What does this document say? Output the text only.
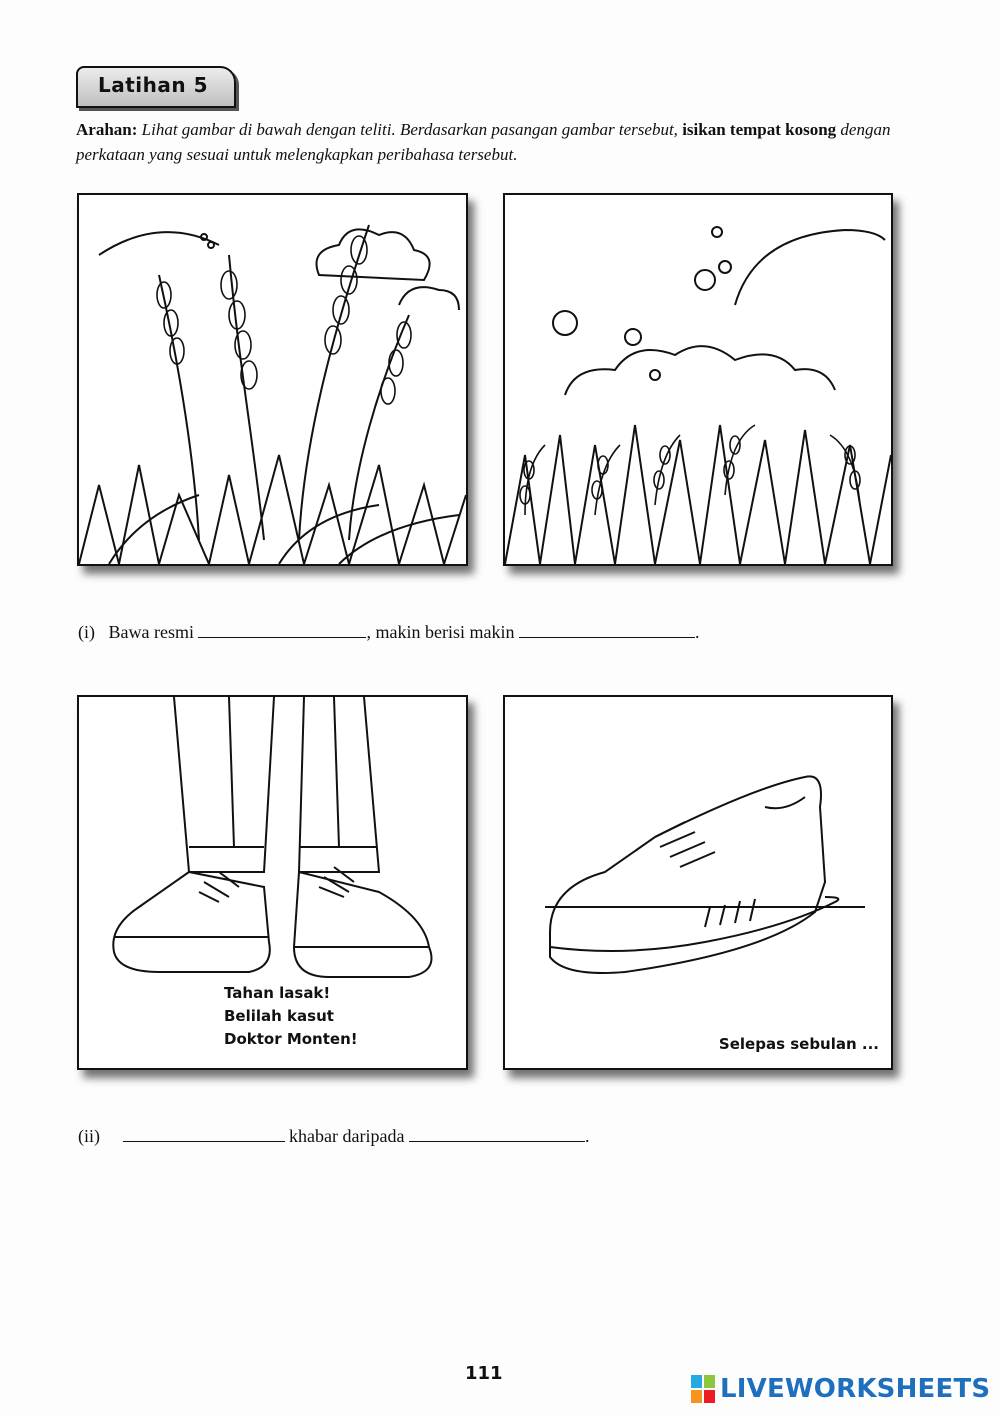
Latihan 5
Arahan: Lihat gambar di bawah dengan teliti. Berdasarkan pasangan gambar tersebut, isikan tempat kosong dengan perkataan yang sesuai untuk melengkapkan peribahasa tersebut.
Tahan lasak!
Belilah kasut
Doktor Monten!	Selepas sebulan ...
(i) Bawa resmi	, makin berisi makin	.
(ii)	khabar daripada	.
111
LIVEWORKSHEETS
